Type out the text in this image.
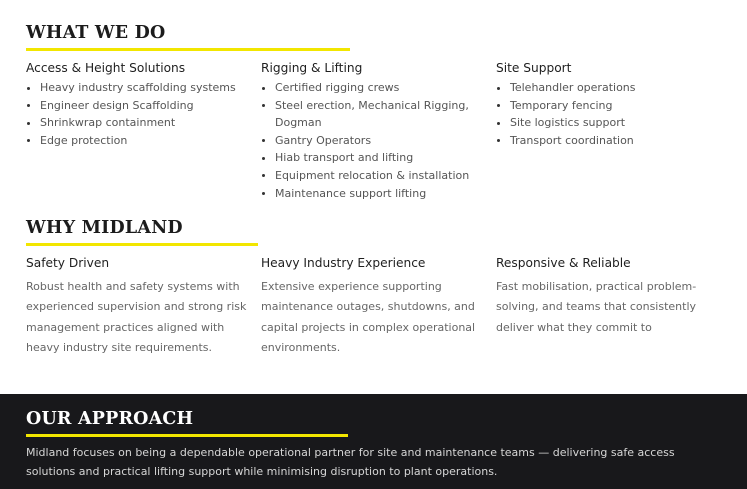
WHAT WE DO
Access & Height Solutions
Heavy industry scaffolding systems
Engineer design Scaffolding
Shrinkwrap containment
Edge protection
Rigging & Lifting
Certified rigging crews
Steel erection, Mechanical Rigging, Dogman
Gantry Operators
Hiab transport and lifting
Equipment relocation & installation
Maintenance support lifting
Site Support
Telehandler operations
Temporary fencing
Site logistics support
Transport coordination
WHY MIDLAND
Safety Driven

Robust health and safety systems with experienced supervision and strong risk management practices aligned with heavy industry site requirements.

Heavy Industry Experience

Extensive experience supporting maintenance outages, shutdowns, and capital projects in complex operational environments.

Responsive & Reliable

Fast mobilisation, practical problem-solving, and teams that consistently deliver what they commit to

OUR APPROACH

Midland focuses on being a dependable operational partner for site and maintenance teams — delivering safe access solutions and practical lifting support while minimising disruption to plant operations.
